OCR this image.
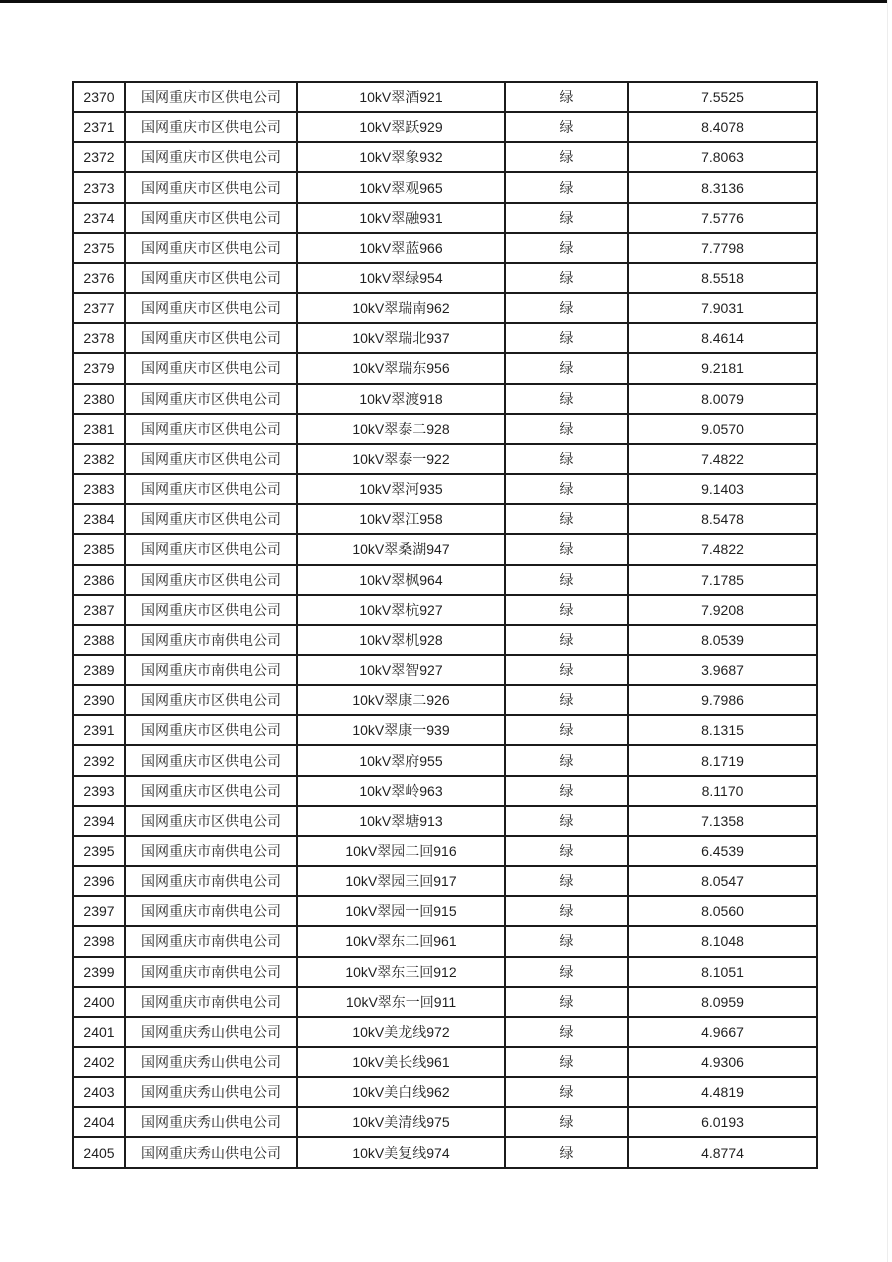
2370	国网重庆市区供电公司	10kV翠酒921	绿	7.5525
2371	国网重庆市区供电公司	10kV翠跃929	绿	8.4078
2372	国网重庆市区供电公司	10kV翠象932	绿	7.8063
2373	国网重庆市区供电公司	10kV翠观965	绿	8.3136
2374	国网重庆市区供电公司	10kV翠融931	绿	7.5776
2375	国网重庆市区供电公司	10kV翠蓝966	绿	7.7798
2376	国网重庆市区供电公司	10kV翠绿954	绿	8.5518
2377	国网重庆市区供电公司	10kV翠瑞南962	绿	7.9031
2378	国网重庆市区供电公司	10kV翠瑞北937	绿	8.4614
2379	国网重庆市区供电公司	10kV翠瑞东956	绿	9.2181
2380	国网重庆市区供电公司	10kV翠渡918	绿	8.0079
2381	国网重庆市区供电公司	10kV翠泰二928	绿	9.0570
2382	国网重庆市区供电公司	10kV翠泰一922	绿	7.4822
2383	国网重庆市区供电公司	10kV翠河935	绿	9.1403
2384	国网重庆市区供电公司	10kV翠江958	绿	8.5478
2385	国网重庆市区供电公司	10kV翠桑湖947	绿	7.4822
2386	国网重庆市区供电公司	10kV翠枫964	绿	7.1785
2387	国网重庆市区供电公司	10kV翠杭927	绿	7.9208
2388	国网重庆市南供电公司	10kV翠机928	绿	8.0539
2389	国网重庆市南供电公司	10kV翠智927	绿	3.9687
2390	国网重庆市区供电公司	10kV翠康二926	绿	9.7986
2391	国网重庆市区供电公司	10kV翠康一939	绿	8.1315
2392	国网重庆市区供电公司	10kV翠府955	绿	8.1719
2393	国网重庆市区供电公司	10kV翠岭963	绿	8.1170
2394	国网重庆市区供电公司	10kV翠塘913	绿	7.1358
2395	国网重庆市南供电公司	10kV翠园二回916	绿	6.4539
2396	国网重庆市南供电公司	10kV翠园三回917	绿	8.0547
2397	国网重庆市南供电公司	10kV翠园一回915	绿	8.0560
2398	国网重庆市南供电公司	10kV翠东二回961	绿	8.1048
2399	国网重庆市南供电公司	10kV翠东三回912	绿	8.1051
2400	国网重庆市南供电公司	10kV翠东一回911	绿	8.0959
2401	国网重庆秀山供电公司	10kV美龙线972	绿	4.9667
2402	国网重庆秀山供电公司	10kV美长线961	绿	4.9306
2403	国网重庆秀山供电公司	10kV美白线962	绿	4.4819
2404	国网重庆秀山供电公司	10kV美清线975	绿	6.0193
2405	国网重庆秀山供电公司	10kV美复线974	绿	4.8774
